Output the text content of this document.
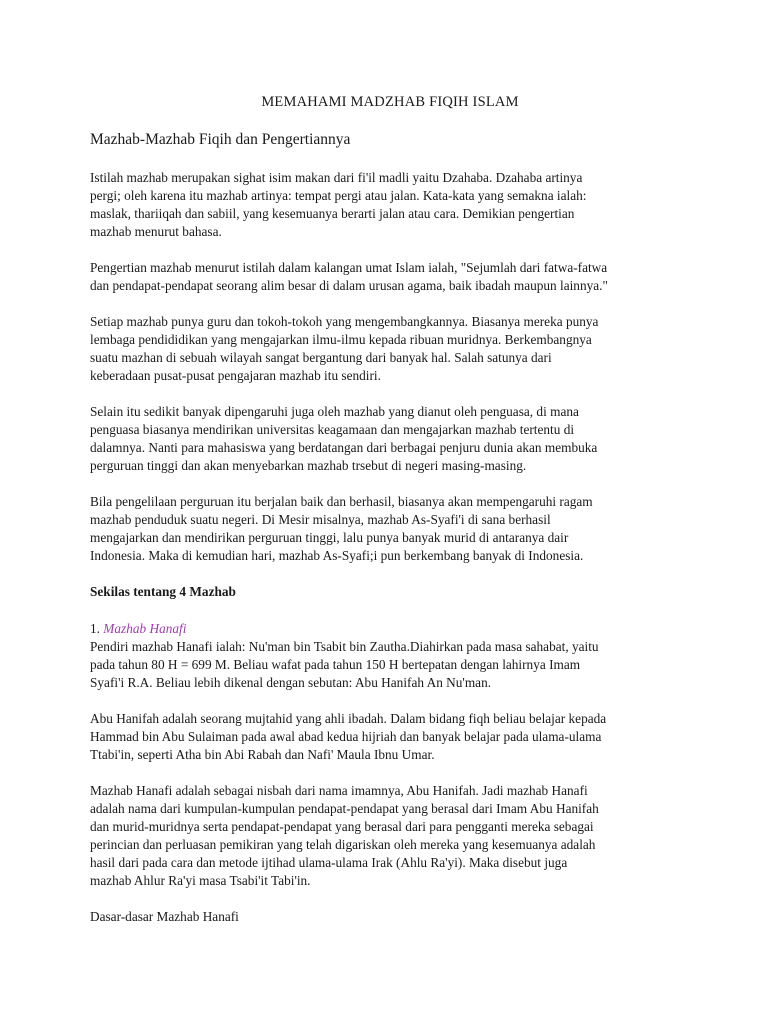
MEMAHAMI MADZHAB FIQIH ISLAM
Mazhab-Mazhab Fiqih dan Pengertiannya

Istilah mazhab merupakan sighat isim makan dari fi'il madli yaitu Dzahaba. Dzahaba artinya
pergi; oleh karena itu mazhab artinya: tempat pergi atau jalan. Kata-kata yang semakna ialah:
maslak, thariiqah dan sabiil, yang kesemuanya berarti jalan atau cara. Demikian pengertian
mazhab menurut bahasa.

Pengertian mazhab menurut istilah dalam kalangan umat Islam ialah, "Sejumlah dari fatwa-fatwa
dan pendapat-pendapat seorang alim besar di dalam urusan agama, baik ibadah maupun lainnya."

Setiap mazhab punya guru dan tokoh-tokoh yang mengembangkannya. Biasanya mereka punya
lembaga pendididikan yang mengajarkan ilmu-ilmu kepada ribuan muridnya. Berkembangnya
suatu mazhan di sebuah wilayah sangat bergantung dari banyak hal. Salah satunya dari
keberadaan pusat-pusat pengajaran mazhab itu sendiri.

Selain itu sedikit banyak dipengaruhi juga oleh mazhab yang dianut oleh penguasa, di mana
penguasa biasanya mendirikan universitas keagamaan dan mengajarkan mazhab tertentu di
dalamnya. Nanti para mahasiswa yang berdatangan dari berbagai penjuru dunia akan membuka
perguruan tinggi dan akan menyebarkan mazhab trsebut di negeri masing-masing.

Bila pengelilaan perguruan itu berjalan baik dan berhasil, biasanya akan mempengaruhi ragam
mazhab penduduk suatu negeri. Di Mesir misalnya, mazhab As-Syafi'i di sana berhasil
mengajarkan dan mendirikan perguruan tinggi, lalu punya banyak murid di antaranya dair
Indonesia. Maka di kemudian hari, mazhab As-Syafi;i pun berkembang banyak di Indonesia.

Sekilas tentang 4 Mazhab

1. Mazhab Hanafi
Pendiri mazhab Hanafi ialah: Nu'man bin Tsabit bin Zautha.Diahirkan pada masa sahabat, yaitu
pada tahun 80 H = 699 M. Beliau wafat pada tahun 150 H bertepatan dengan lahirnya Imam
Syafi'i R.A. Beliau lebih dikenal dengan sebutan: Abu Hanifah An Nu'man.

Abu Hanifah adalah seorang mujtahid yang ahli ibadah. Dalam bidang fiqh beliau belajar kepada
Hammad bin Abu Sulaiman pada awal abad kedua hijriah dan banyak belajar pada ulama-ulama
Ttabi'in, seperti Atha bin Abi Rabah dan Nafi' Maula Ibnu Umar.

Mazhab Hanafi adalah sebagai nisbah dari nama imamnya, Abu Hanifah. Jadi mazhab Hanafi
adalah nama dari kumpulan-kumpulan pendapat-pendapat yang berasal dari Imam Abu Hanifah
dan murid-muridnya serta pendapat-pendapat yang berasal dari para pengganti mereka sebagai
perincian dan perluasan pemikiran yang telah digariskan oleh mereka yang kesemuanya adalah
hasil dari pada cara dan metode ijtihad ulama-ulama Irak (Ahlu Ra'yi). Maka disebut juga
mazhab Ahlur Ra'yi masa Tsabi'it Tabi'in.

Dasar-dasar Mazhab Hanafi
